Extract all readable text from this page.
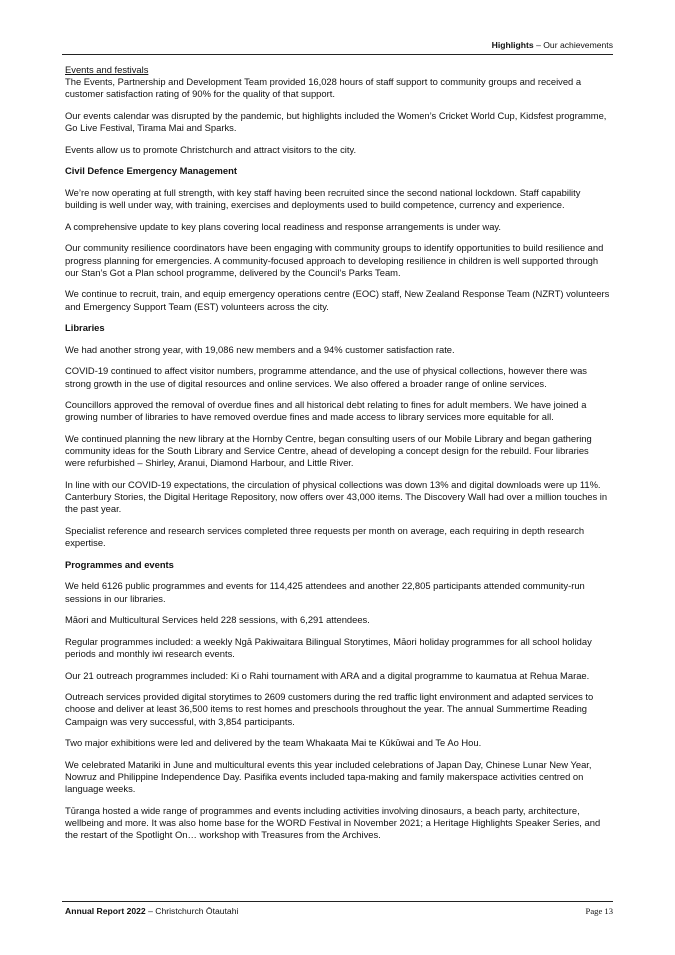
Highlights – Our achievements
Events and festivals

The Events, Partnership and Development Team provided 16,028 hours of staff support to community groups and received a customer satisfaction rating of 90% for the quality of that support.

Our events calendar was disrupted by the pandemic, but highlights included the Women’s Cricket World Cup, Kidsfest programme, Go Live Festival, Tirama Mai and Sparks.

Events allow us to promote Christchurch and attract visitors to the city.

Civil Defence Emergency Management

We’re now operating at full strength, with key staff having been recruited since the second national lockdown. Staff capability building is well under way, with training, exercises and deployments used to build competence, currency and experience.

A comprehensive update to key plans covering local readiness and response arrangements is under way.

Our community resilience coordinators have been engaging with community groups to identify opportunities to build resilience and progress planning for emergencies. A community-focused approach to developing resilience in children is well supported through our Stan’s Got a Plan school programme, delivered by the Council’s Parks Team.

We continue to recruit, train, and equip emergency operations centre (EOC) staff, New Zealand Response Team (NZRT) volunteers and Emergency Support Team (EST) volunteers across the city.

Libraries

We had another strong year, with 19,086 new members and a 94% customer satisfaction rate.

COVID-19 continued to affect visitor numbers, programme attendance, and the use of physical collections, however there was strong growth in the use of digital resources and online services. We also offered a broader range of online services.

Councillors approved the removal of overdue fines and all historical debt relating to fines for adult members. We have joined a growing number of libraries to have removed overdue fines and made access to library services more equitable for all.

We continued planning the new library at the Hornby Centre, began consulting users of our Mobile Library and began gathering community ideas for the South Library and Service Centre, ahead of developing a concept design for the rebuild. Four libraries were refurbished – Shirley, Aranui, Diamond Harbour, and Little River.

In line with our COVID-19 expectations, the circulation of physical collections was down 13% and digital downloads were up 11%. Canterbury Stories, the Digital Heritage Repository, now offers over 43,000 items. The Discovery Wall had over a million touches in the past year.

Specialist reference and research services completed three requests per month on average, each requiring in depth research expertise.

Programmes and events

We held 6126 public programmes and events for 114,425 attendees and another 22,805 participants attended community-run sessions in our libraries.

Māori and Multicultural Services held 228 sessions, with 6,291 attendees.

Regular programmes included: a weekly Ngā Pakiwaitara Bilingual Storytimes, Māori holiday programmes for all school holiday periods and monthly iwi research events.

Our 21 outreach programmes included: Ki o Rahi tournament with ARA and a digital programme to kaumatua at Rehua Marae.

Outreach services provided digital storytimes to 2609 customers during the red traffic light environment and adapted services to choose and deliver at least 36,500 items to rest homes and preschools throughout the year. The annual Summertime Reading Campaign was very successful, with 3,854 participants.

Two major exhibitions were led and delivered by the team Whakaata Mai te Kūkūwai and Te Ao Hou.

We celebrated Matariki in June and multicultural events this year included celebrations of Japan Day, Chinese Lunar New Year, Nowruz and Philippine Independence Day. Pasifika events included tapa-making and family makerspace activities centred on language weeks.

Tūranga hosted a wide range of programmes and events including activities involving dinosaurs, a beach party, architecture, wellbeing and more. It was also home base for the WORD Festival in November 2021; a Heritage Highlights Speaker Series, and the restart of the Spotlight On… workshop with Treasures from the Archives.

Annual Report 2022 – Christchurch Ōtautahi	Page 13
